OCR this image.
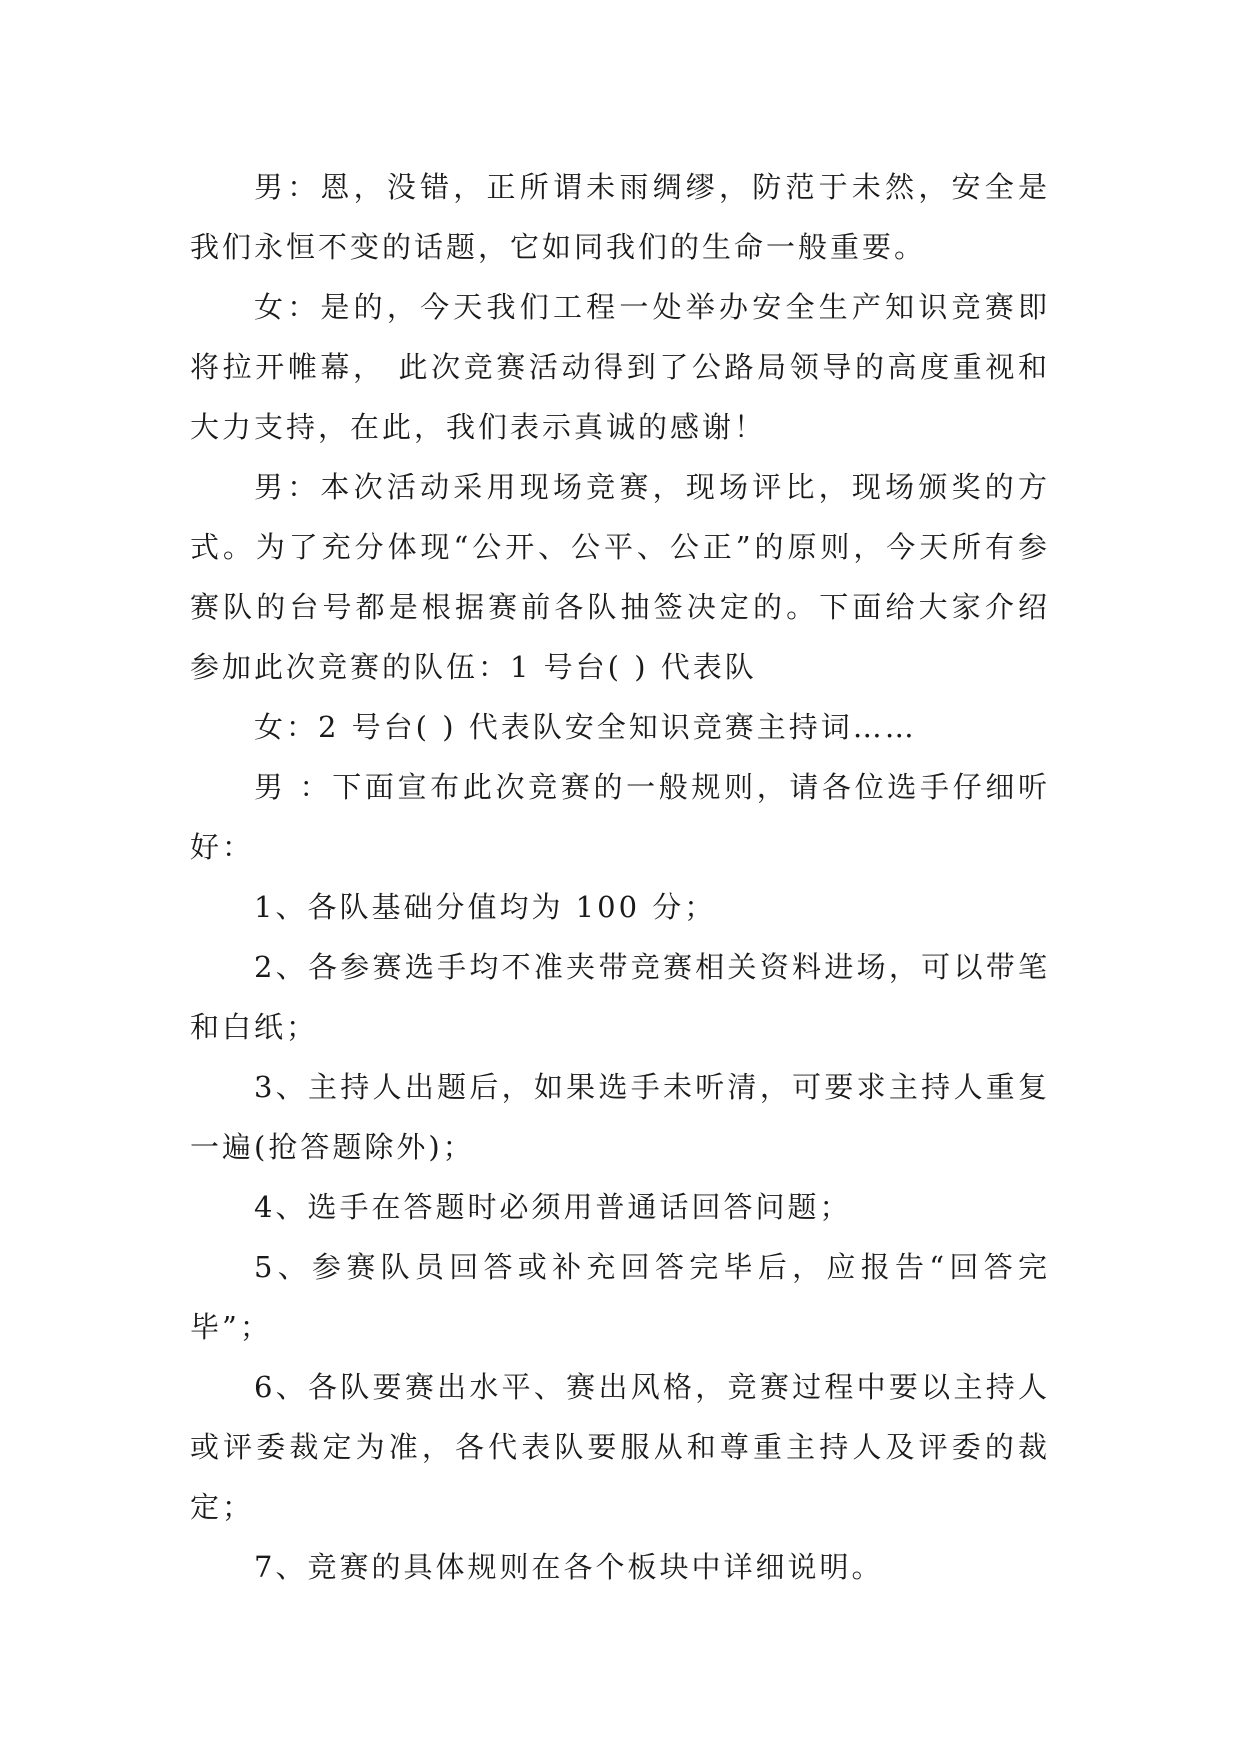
男：恩，没错，正所谓未雨绸缪，防范于未然，安全是我们永恒不变的话题，它如同我们的生命一般重要。

女：是的，今天我们工程一处举办安全生产知识竞赛即将拉开帷幕， 此次竞赛活动得到了公路局领导的高度重视和大力支持，在此，我们表示真诚的感谢！

男：本次活动采用现场竞赛，现场评比，现场颁奖的方式。为了充分体现“公开、公平、公正”的原则，今天所有参赛队的台号都是根据赛前各队抽签决定的。下面给大家介绍参加此次竞赛的队伍：1 号台( ) 代表队

女：2 号台( ) 代表队安全知识竞赛主持词……

男 ：下面宣布此次竞赛的一般规则，请各位选手仔细听好：

1、各队基础分值均为 100 分；

2、各参赛选手均不准夹带竞赛相关资料进场，可以带笔 和白纸；

3、主持人出题后，如果选手未听清，可要求主持人重复 一遍(抢答题除外)；

4、选手在答题时必须用普通话回答问题；

5、参赛队员回答或补充回答完毕后，应报告“回答完毕”；

6、各队要赛出水平、赛出风格，竞赛过程中要以主持人 或评委裁定为准，各代表队要服从和尊重主持人及评委的裁定；

7、竞赛的具体规则在各个板块中详细说明。
